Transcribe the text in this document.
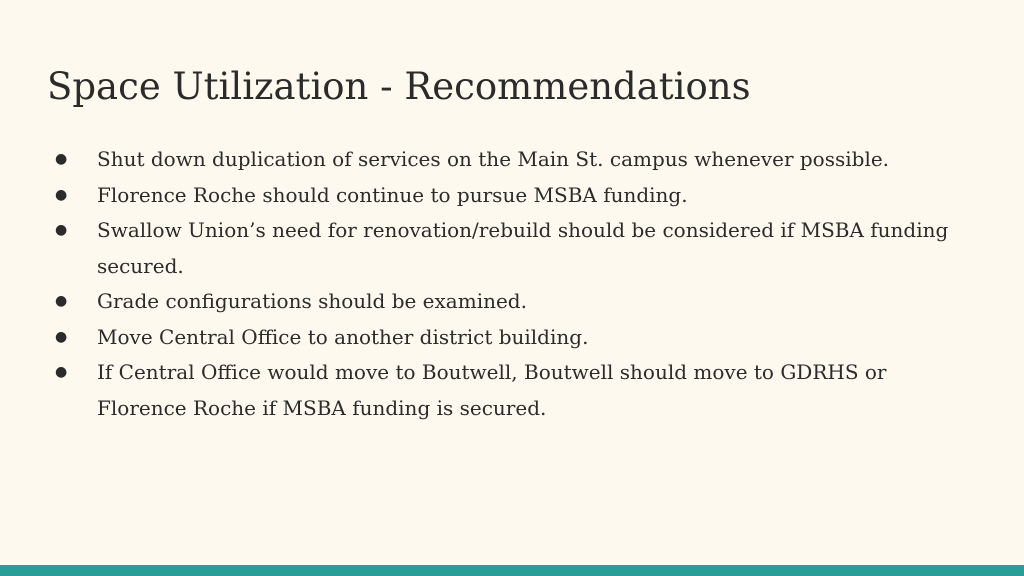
Space Utilization - Recommendations
● Shut down duplication of services on the Main St. campus whenever possible.
● Florence Roche should continue to pursue MSBA funding.
● Swallow Union’s need for renovation/rebuild should be considered if MSBA funding secured.
● Grade configurations should be examined.
● Move Central Office to another district building.
● If Central Office would move to Boutwell, Boutwell should move to GDRHS or Florence Roche if MSBA funding is secured.
